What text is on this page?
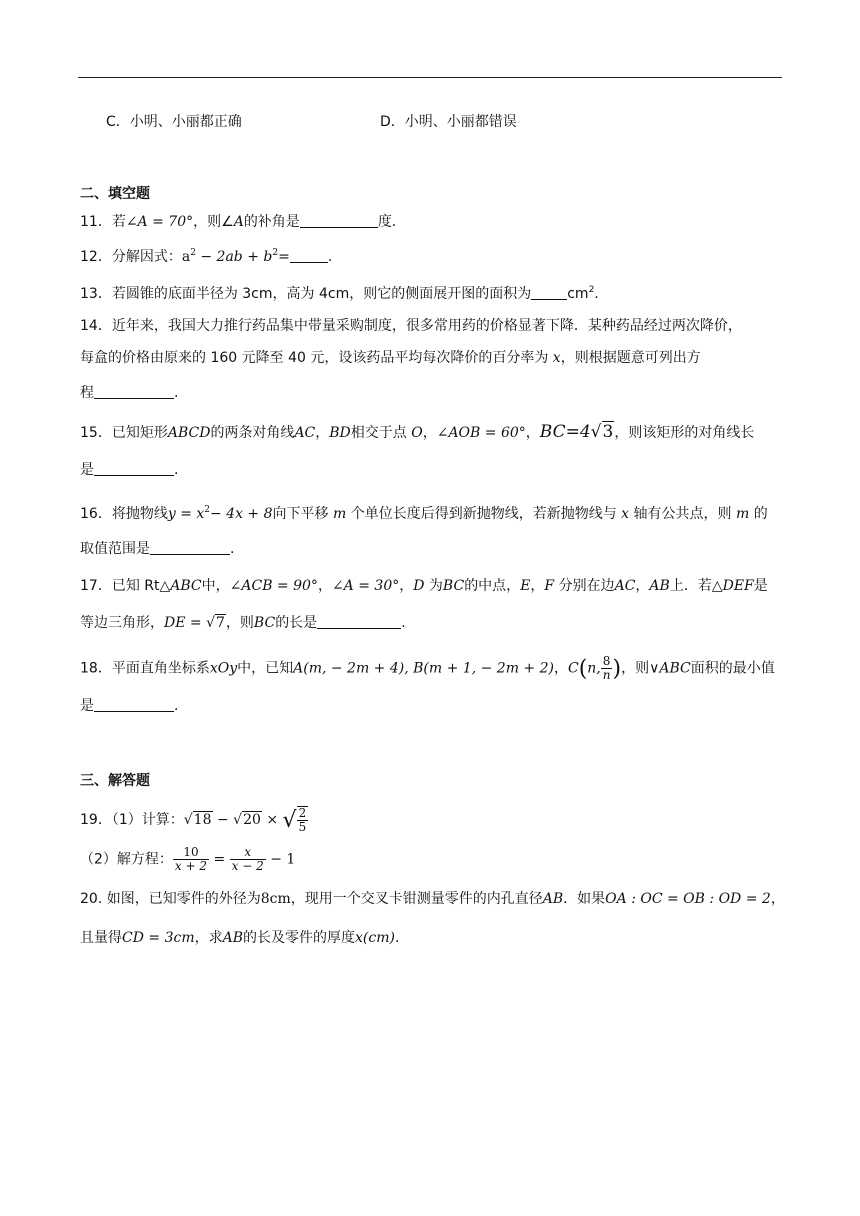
C．小明、小丽都正确	D．小明、小丽都错误
二、填空题
11．若∠A = 70°，则∠A的补角是	度.
12．分解因式：$a^2 - 2ab + b^2=$	.
13．若圆锥的底面半径为 3cm，高为 4cm，则它的侧面展开图的面积为	$cm^2$.
14．近年来，我国大力推行药品集中带量采购制度，很多常用药的价格显著下降．某种药品经过两次降价，
每盒的价格由原来的 160 元降至 40 元，设该药品平均每次降价的百分率为 x，则根据题意可列出方
程	.
15．已知矩形ABCD的两条对角线AC，BD相交于点 O，∠AOB = 60°，BC=4√3，则该矩形的对角线长
是	.
16．将抛物线$y = x^2- 4x + 8$向下平移 m 个单位长度后得到新抛物线，若新抛物线与 x 轴有公共点，则 m 的
取值范围是	.
17．已知 Rt△ABC中，∠ACB = 90°，∠A = 30°，D 为BC的中点，E，F 分别在边AC，AB上．若△DEF是
等边三角形，DE = √7，则BC的长是	.
18．平面直角坐标系xOy中，已知A(m, − 2m + 4), B(m + 1, − 2m + 2)，C(n, $\frac{8}{n}$ )，则∨ABC面积的最小值
是	.
三、解答题
19．（1）计算：√18 − √20 × √ $\frac{2}{5}$
（2）解方程： $\frac{10}{x + 2} = \frac{x}{x - 2} - 1$
20. 如图，已知零件的外径为8cm，现用一个交叉卡钳测量零件的内孔直径AB．如果OA : OC = OB : OD = 2，
且量得CD = 3cm，求AB的长及零件的厚度x(cm).
